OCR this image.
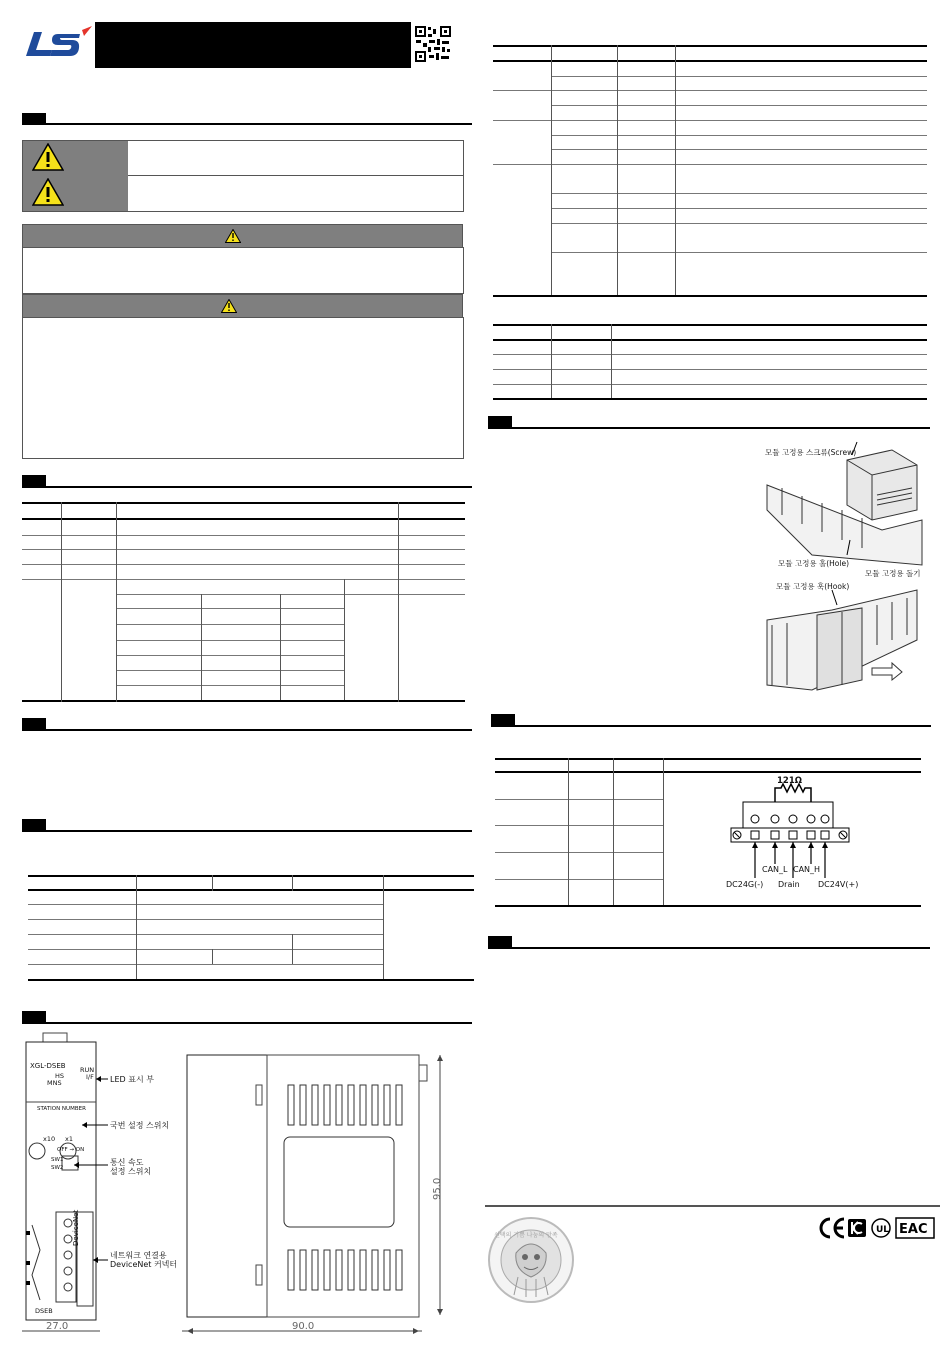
XGL-DSEB
HS
MNS
RUN
I/F
STATION NUMBER
x10 x1
OFF → ON
SW1
SW2
DeviceNet
DSEB
LED 표시 부
국번 설정 스위치
통신 속도
설정 스위치
네트워크 연결용
DeviceNet 커넥터
27.0	90.0
95.0
모듈 고정용 스크류(Screw)
모듈 고정용 홀(Hole)
모듈 고정용 돌기
모듈 고정용 훅(Hook)
121Ω
CAN_L CAN_H
DC24G(-) Drain DC24V(+)
선택의 기쁨 나눔의 만족
UL EAC
